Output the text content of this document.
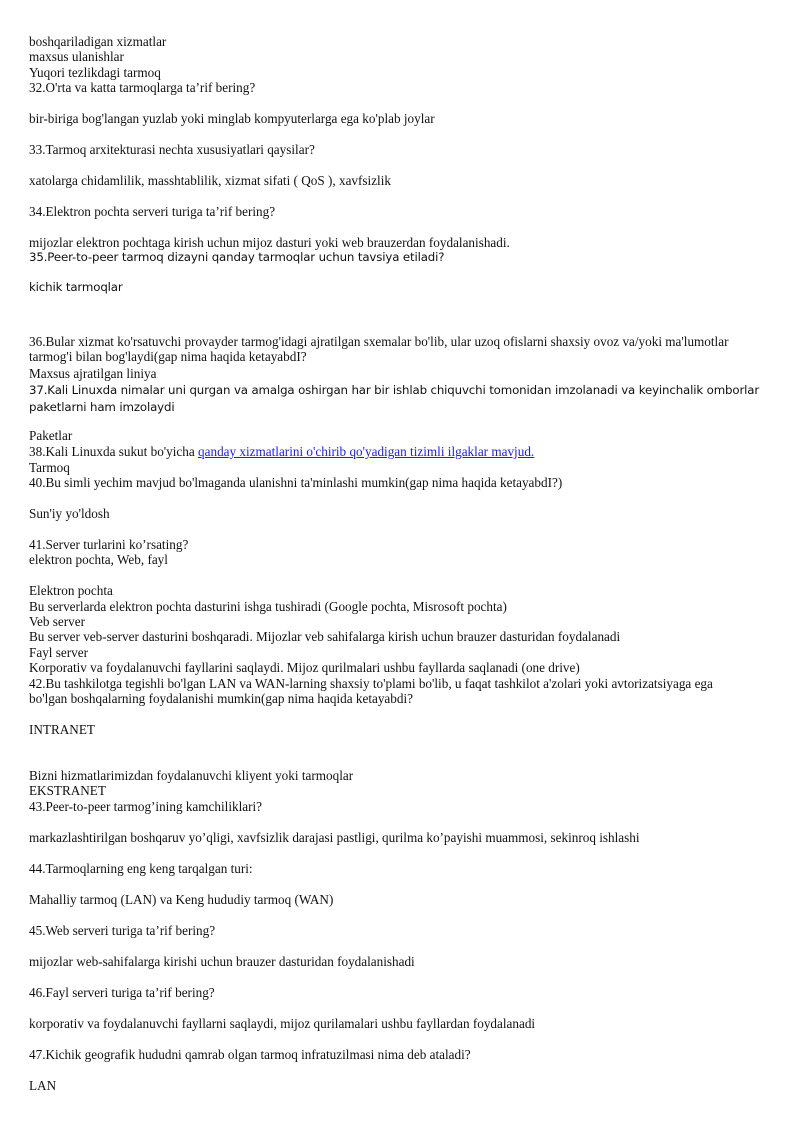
boshqariladigan xizmatlar
maxsus ulanishlar
Yuqori tezlikdagi tarmoq
32.O'rta va katta tarmoqlarga ta’rif bering?
bir-biriga bog'langan yuzlab yoki minglab kompyuterlarga ega ko'plab joylar
33.Tarmoq arxitekturasi nechta xususiyatlari qaysilar?
xatolarga chidamlilik, masshtablilik, xizmat sifati ( QoS ), xavfsizlik
34.Elektron pochta serveri turiga ta’rif bering?
mijozlar elektron pochtaga kirish uchun mijoz dasturi yoki web brauzerdan foydalanishadi.
35.Peer-to-peer tarmoq dizayni qanday tarmoqlar uchun tavsiya etiladi?
kichik tarmoqlar
36.Bular xizmat ko'rsatuvchi provayder tarmog'idagi ajratilgan sxemalar bo'lib, ular uzoq ofislarni shaxsiy ovoz va/yoki ma'lumotlar tarmog'i bilan bog'laydi(gap nima haqida ketayabdI?
Maxsus ajratilgan liniya
37.Kali Linuxda nimalar uni qurgan va amalga oshirgan har bir ishlab chiquvchi tomonidan imzolanadi va keyinchalik omborlar paketlarni ham imzolaydi
Paketlar
38.Kali Linuxda sukut bo'yicha qanday xizmatlarini o'chirib qo'yadigan tizimli ilgaklar mavjud.
Tarmoq
40.Bu simli yechim mavjud bo'lmaganda ulanishni ta'minlashi mumkin(gap nima haqida ketayabdI?)
Sun'iy yo'ldosh
41.Server turlarini ko’rsating?
elektron pochta, Web, fayl
Elektron pochta
Bu serverlarda elektron pochta dasturini ishga tushiradi (Google pochta, Misrosoft pochta)
Veb server
Bu server veb-server dasturini boshqaradi. Mijozlar veb sahifalarga kirish uchun brauzer dasturidan foydalanadi
Fayl server
Korporativ va foydalanuvchi fayllarini saqlaydi. Mijoz qurilmalari ushbu fayllarda saqlanadi (one drive)
42.Bu tashkilotga tegishli bo'lgan LAN va WAN-larning shaxsiy to'plami bo'lib, u faqat tashkilot a'zolari yoki avtorizatsiyaga ega bo'lgan boshqalarning foydalanishi mumkin(gap nima haqida ketayabdi?
INTRANET
Bizni hizmatlarimizdan foydalanuvchi kliyent yoki tarmoqlar
EKSTRANET
43.Peer-to-peer tarmog’ining kamchiliklari?
markazlashtirilgan boshqaruv yo’qligi, xavfsizlik darajasi pastligi, qurilma ko’payishi muammosi, sekinroq ishlashi
44.Tarmoqlarning eng keng tarqalgan turi:
Mahalliy tarmoq (LAN) va Keng hududiy tarmoq (WAN)
45.Web serveri turiga ta’rif bering?
mijozlar web-sahifalarga kirishi uchun brauzer dasturidan foydalanishadi
46.Fayl serveri turiga ta’rif bering?
korporativ va foydalanuvchi fayllarni saqlaydi, mijoz qurilamalari ushbu fayllardan foydalanadi
47.Kichik geografik hududni qamrab olgan tarmoq infratuzilmasi nima deb ataladi?
LAN
